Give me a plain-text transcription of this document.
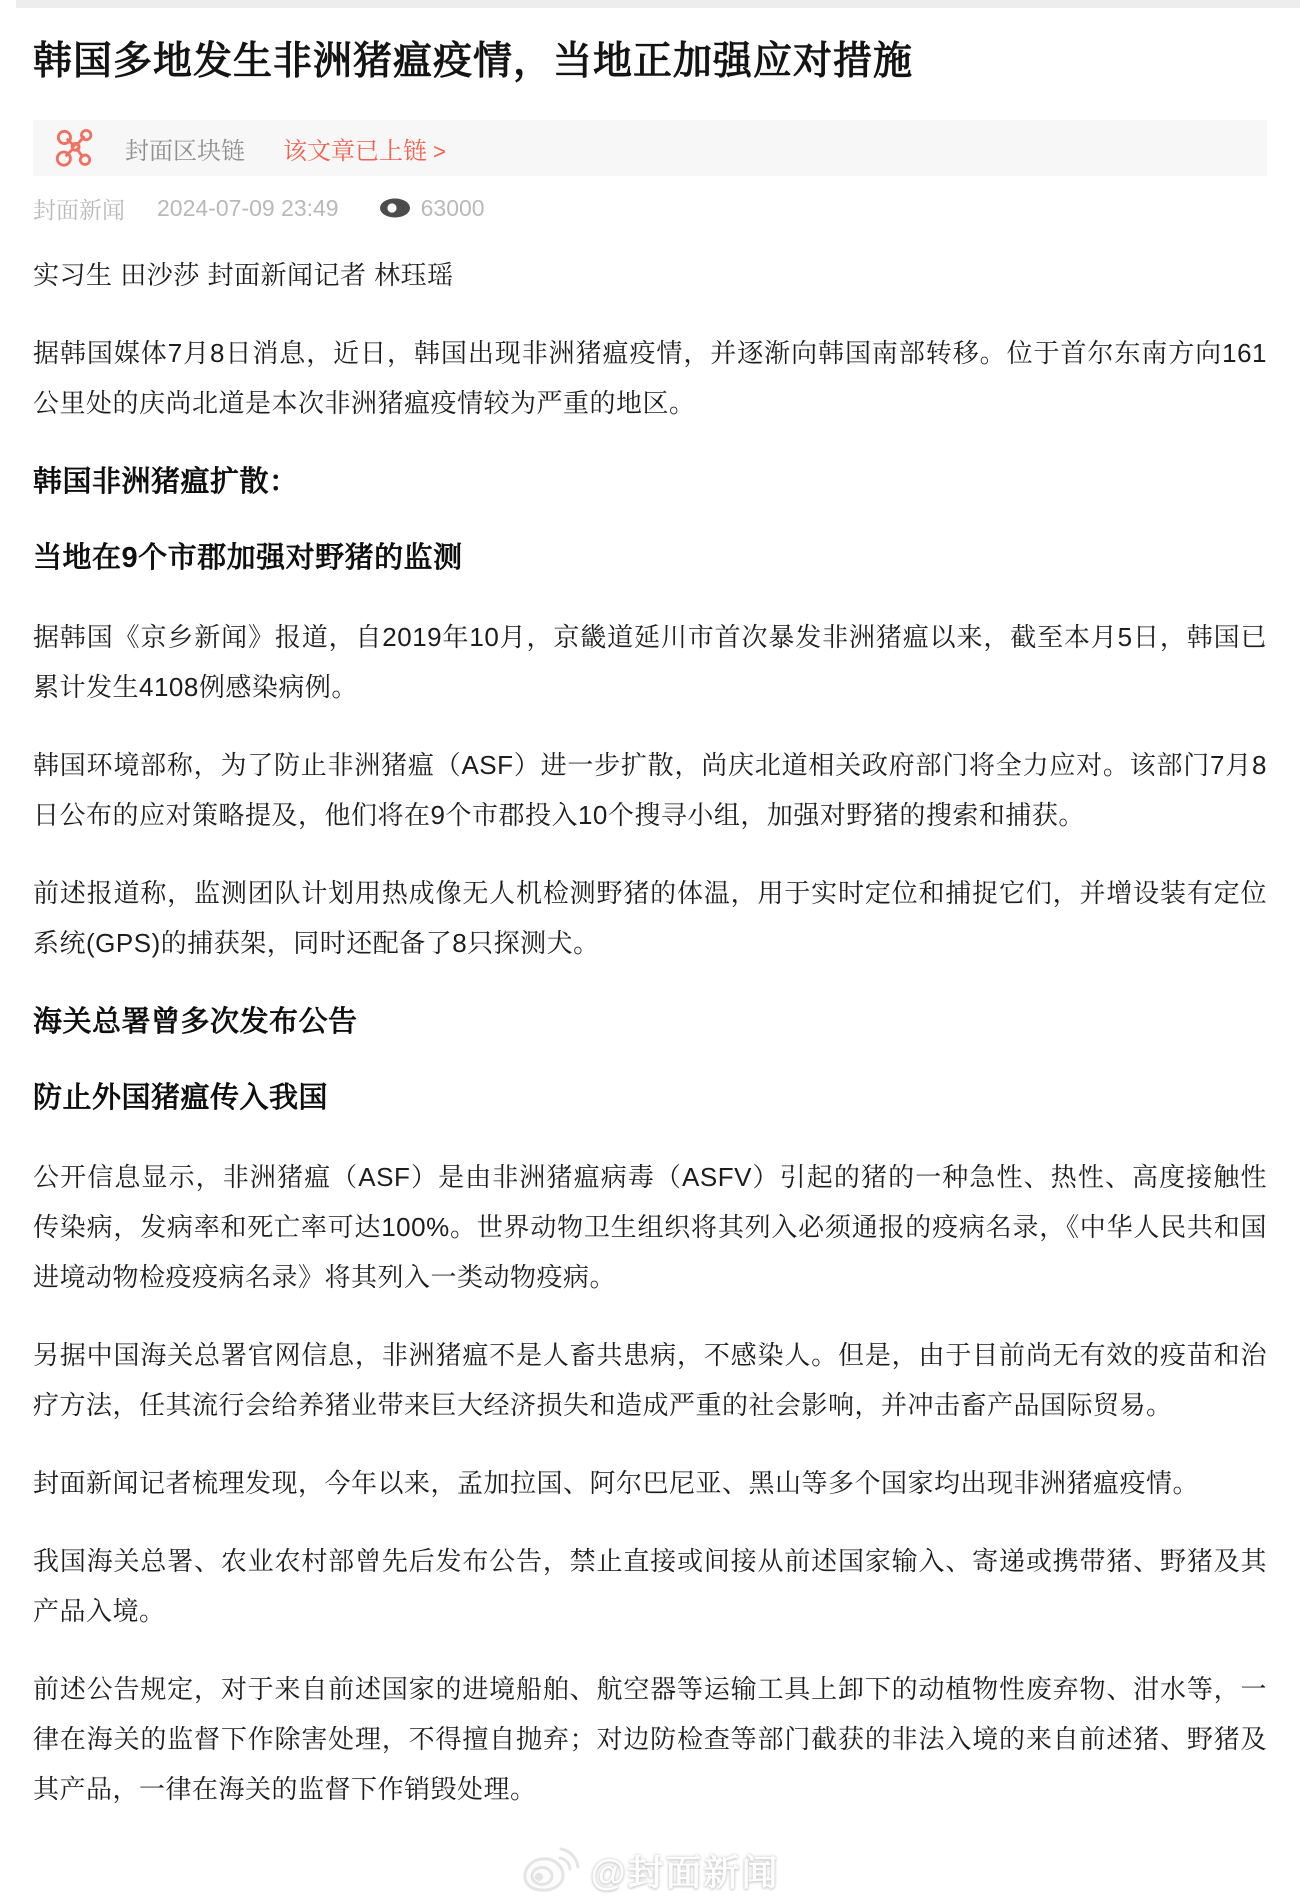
韩国多地发生非洲猪瘟疫情，当地正加强应对措施
封面区块链 该文章已上链 >
封面新闻 2024-07-09 23:49	63000

实习生 田沙莎 封面新闻记者 林珏瑶

据韩国媒体7月8日消息，近日，韩国出现非洲猪瘟疫情，并逐渐向韩国南部转移。位于首尔东南方向161公里处的庆尚北道是本次非洲猪瘟疫情较为严重的地区。

韩国非洲猪瘟扩散：
当地在9个市郡加强对野猪的监测

据韩国《京乡新闻》报道，自2019年10月，京畿道延川市首次暴发非洲猪瘟以来，截至本月5日，韩国已累计发生4108例感染病例。

韩国环境部称，为了防止非洲猪瘟（ASF）进一步扩散，尚庆北道相关政府部门将全力应对。该部门7月8日公布的应对策略提及，他们将在9个市郡投入10个搜寻小组，加强对野猪的搜索和捕获。

前述报道称，监测团队计划用热成像无人机检测野猪的体温，用于实时定位和捕捉它们，并增设装有定位系统(GPS)的捕获架，同时还配备了8只探测犬。

海关总署曾多次发布公告
防止外国猪瘟传入我国

公开信息显示，非洲猪瘟（ASF）是由非洲猪瘟病毒（ASFV）引起的猪的一种急性、热性、高度接触性传染病，发病率和死亡率可达100%。世界动物卫生组织将其列入必须通报的疫病名录，《中华人民共和国进境动物检疫疫病名录》将其列入一类动物疫病。

另据中国海关总署官网信息，非洲猪瘟不是人畜共患病，不感染人。但是，由于目前尚无有效的疫苗和治疗方法，任其流行会给养猪业带来巨大经济损失和造成严重的社会影响，并冲击畜产品国际贸易。

封面新闻记者梳理发现，今年以来，孟加拉国、阿尔巴尼亚、黑山等多个国家均出现非洲猪瘟疫情。

我国海关总署、农业农村部曾先后发布公告，禁止直接或间接从前述国家输入、寄递或携带猪、野猪及其产品入境。

前述公告规定，对于来自前述国家的进境船舶、航空器等运输工具上卸下的动植物性废弃物、泔水等，一律在海关的监督下作除害处理，不得擅自抛弃；对边防检查等部门截获的非法入境的来自前述猪、野猪及其产品，一律在海关的监督下作销毁处理。

@封面新闻
